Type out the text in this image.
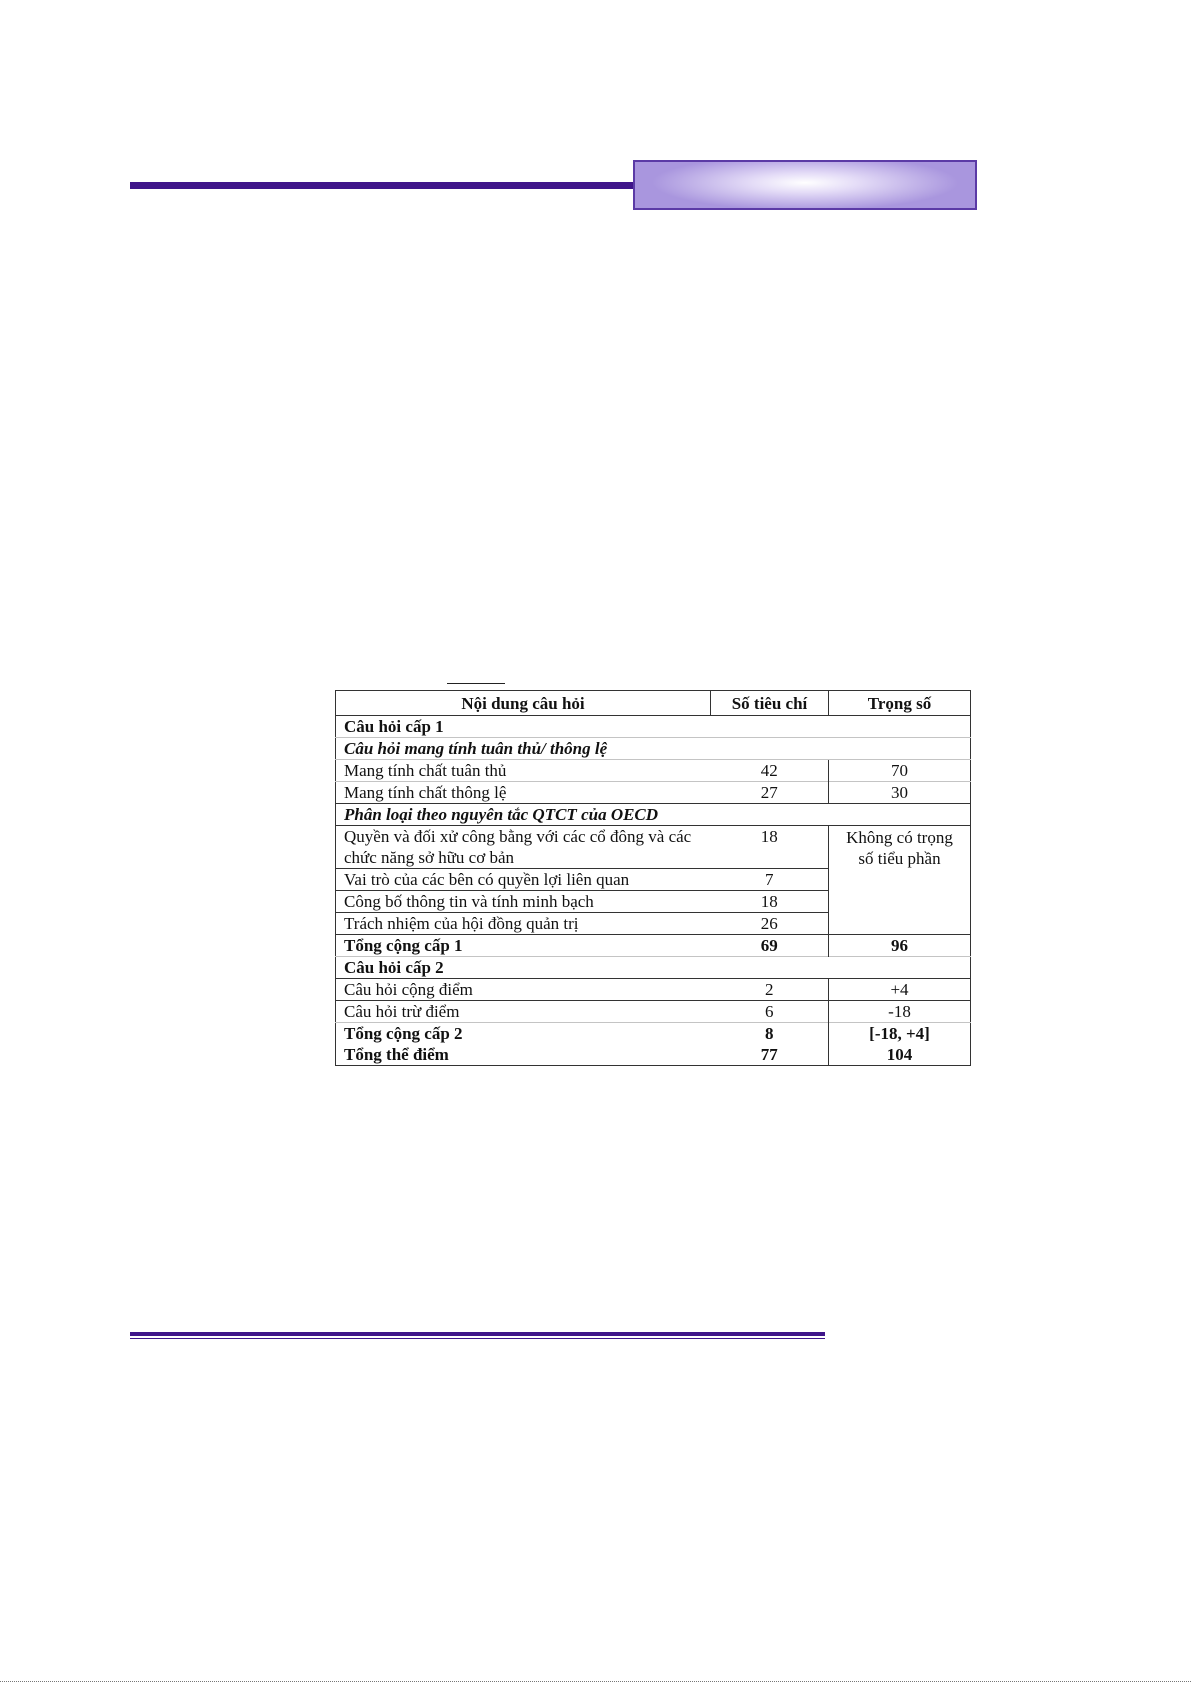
Nội dung câu hỏi	Số tiêu chí	Trọng số
Câu hỏi cấp 1		
Câu hỏi mang tính tuân thủ/ thông lệ		
Mang tính chất tuân thủ	42	70
Mang tính chất thông lệ	27	30
Phân loại theo nguyên tắc QTCT của OECD		
Quyền và đối xử công bằng với các cổ đông và các chức năng sở hữu cơ bản	18	Không có trọng số tiểu phần
Vai trò của các bên có quyền lợi liên quan	7	
Công bố thông tin và tính minh bạch	18	
Trách nhiệm của hội đồng quản trị	26	
Tổng cộng cấp 1	69	96
Câu hỏi cấp 2		
Câu hỏi cộng điểm	2	+4
Câu hỏi trừ điểm	6	-18
Tổng cộng cấp 2	8	[-18, +4]
Tổng thể điểm	77	104
